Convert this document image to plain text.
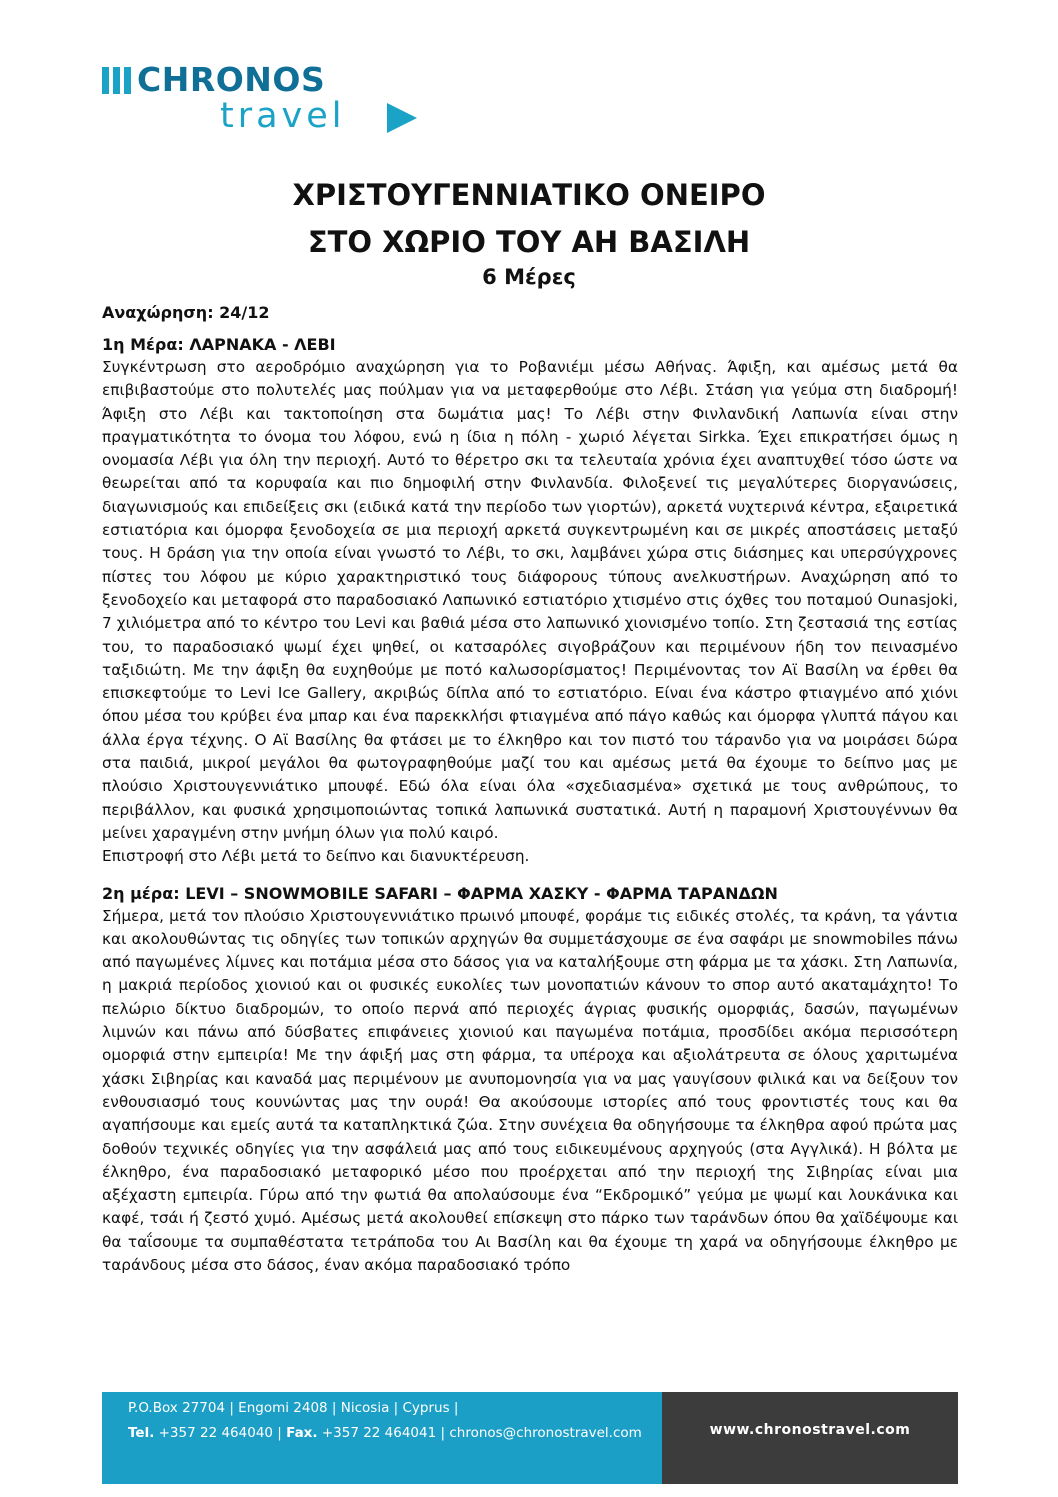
CHRONOS
travel
ΧΡΙΣΤΟΥΓΕΝΝΙΑΤΙΚΟ ΟΝΕΙΡΟ
ΣΤΟ ΧΩΡΙΟ ΤΟΥ ΑΗ ΒΑΣΙΛΗ
6 Μέρες
Αναχώρηση: 24/12
1η Μέρα: ΛΑΡΝΑΚΑ - ΛΕΒΙ

Συγκέντρωση στο αεροδρόμιο αναχώρηση για το Ροβανιέμι μέσω Αθήνας. Άφιξη, και αμέσως μετά θα επιβιβαστούμε στο πολυτελές μας πούλμαν για να μεταφερθούμε στο Λέβι. Στάση για γεύμα στη διαδρομή! Άφιξη στο Λέβι και τακτοποίηση στα δωμάτια μας! Το Λέβι στην Φινλανδική Λαπωνία είναι στην πραγματικότητα το όνομα του λόφου, ενώ η ίδια η πόλη - χωριό λέγεται Sirkka. Έχει επικρατήσει όμως η ονομασία Λέβι για όλη την περιοχή. Αυτό το θέρετρο σκι τα τελευταία χρόνια έχει αναπτυχθεί τόσο ώστε να θεωρείται από τα κορυφαία και πιο δημοφιλή στην Φινλανδία. Φιλοξενεί τις μεγαλύτερες διοργανώσεις, διαγωνισμούς και επιδείξεις σκι (ειδικά κατά την περίοδο των γιορτών), αρκετά νυχτερινά κέντρα, εξαιρετικά εστιατόρια και όμορφα ξενοδοχεία σε μια περιοχή αρκετά συγκεντρωμένη και σε μικρές αποστάσεις μεταξύ τους. Η δράση για την οποία είναι γνωστό το Λέβι, το σκι, λαμβάνει χώρα στις διάσημες και υπερσύγχρονες πίστες του λόφου με κύριο χαρακτηριστικό τους διάφορους τύπους ανελκυστήρων. Αναχώρηση από το ξενοδοχείο και μεταφορά στο παραδοσιακό Λαπωνικό εστιατόριο χτισμένο στις όχθες του ποταμού Ounasjoki, 7 χιλιόμετρα από το κέντρο του Levi και βαθιά μέσα στο λαπωνικό χιονισμένο τοπίο. Στη ζεστασιά της εστίας του, το παραδοσιακό ψωμί έχει ψηθεί, οι κατσαρόλες σιγοβράζουν και περιμένουν ήδη τον πεινασμένο ταξιδιώτη. Με την άφιξη θα ευχηθούμε με ποτό καλωσορίσματος! Περιμένοντας τον Αϊ Βασίλη να έρθει θα επισκεφτούμε το Levi Ice Gallery, ακριβώς δίπλα από το εστιατόριο. Είναι ένα κάστρο φτιαγμένο από χιόνι όπου μέσα του κρύβει ένα μπαρ και ένα παρεκκλήσι φτιαγμένα από πάγο καθώς και όμορφα γλυπτά πάγου και άλλα έργα τέχνης. Ο Αϊ Βασίλης θα φτάσει με το έλκηθρο και τον πιστό του τάρανδο για να μοιράσει δώρα στα παιδιά, μικροί μεγάλοι θα φωτογραφηθούμε μαζί του και αμέσως μετά θα έχουμε το δείπνο μας με πλούσιο Χριστουγεννιάτικο μπουφέ. Εδώ όλα είναι όλα «σχεδιασμένα» σχετικά με τους ανθρώπους, το περιβάλλον, και φυσικά χρησιμοποιώντας τοπικά λαπωνικά συστατικά. Αυτή η παραμονή Χριστουγέννων θα μείνει χαραγμένη στην μνήμη όλων για πολύ καιρό.

Επιστροφή στο Λέβι μετά το δείπνο και διανυκτέρευση.

2η μέρα: LEVI – SNOWMOBILE SAFARI – ΦΑΡΜΑ ΧΑΣΚΥ - ΦΑΡΜΑ ΤΑΡΑΝΔΩΝ

Σήμερα, μετά τον πλούσιο Χριστουγεννιάτικο πρωινό μπουφέ, φοράμε τις ειδικές στολές, τα κράνη, τα γάντια και ακολουθώντας τις οδηγίες των τοπικών αρχηγών θα συμμετάσχουμε σε ένα σαφάρι με snowmobiles πάνω από παγωμένες λίμνες και ποτάμια μέσα στο δάσος για να καταλήξουμε στη φάρμα με τα χάσκι. Στη Λαπωνία, η μακριά περίοδος χιονιού και οι φυσικές ευκολίες των μονοπατιών κάνουν το σπορ αυτό ακαταμάχητο! Το πελώριο δίκτυο διαδρομών, το οποίο περνά από περιοχές άγριας φυσικής ομορφιάς, δασών, παγωμένων λιμνών και πάνω από δύσβατες επιφάνειες χιονιού και παγωμένα ποτάμια, προσδίδει ακόμα περισσότερη ομορφιά στην εμπειρία! Με την άφιξή μας στη φάρμα, τα υπέροχα και αξιολάτρευτα σε όλους χαριτωμένα χάσκι Σιβηρίας και καναδά μας περιμένουν με ανυπομονησία για να μας γαυγίσουν φιλικά και να δείξουν τον ενθουσιασμό τους κουνώντας μας την ουρά! Θα ακούσουμε ιστορίες από τους φροντιστές τους και θα αγαπήσουμε και εμείς αυτά τα καταπληκτικά ζώα. Στην συνέχεια θα οδηγήσουμε τα έλκηθρα αφού πρώτα μας δοθούν τεχνικές οδηγίες για την ασφάλειά μας από τους ειδικευμένους αρχηγούς (στα Αγγλικά). Η βόλτα με έλκηθρο, ένα παραδοσιακό μεταφορικό μέσο που προέρχεται από την περιοχή της Σιβηρίας είναι μια αξέχαστη εμπειρία. Γύρω από την φωτιά θα απολαύσουμε ένα “Εκδρομικό” γεύμα με ψωμί και λουκάνικα και καφέ, τσάι ή ζεστό χυμό. Αμέσως μετά ακολουθεί επίσκεψη στο πάρκο των ταράνδων όπου θα χαϊδέψουμε και θα ταΐσουμε τα συμπαθέστατα τετράποδα του Αι Βασίλη και θα έχουμε τη χαρά να οδηγήσουμε έλκηθρο με ταράνδους μέσα στο δάσος, έναν ακόμα παραδοσιακό τρόπο

P.O.Box 27704 | Engomi 2408 | Nicosia | Cyprus |
Tel. +357 22 464040 | Fax. +357 22 464041 | chronos@chronostravel.com	www.chronostravel.com
